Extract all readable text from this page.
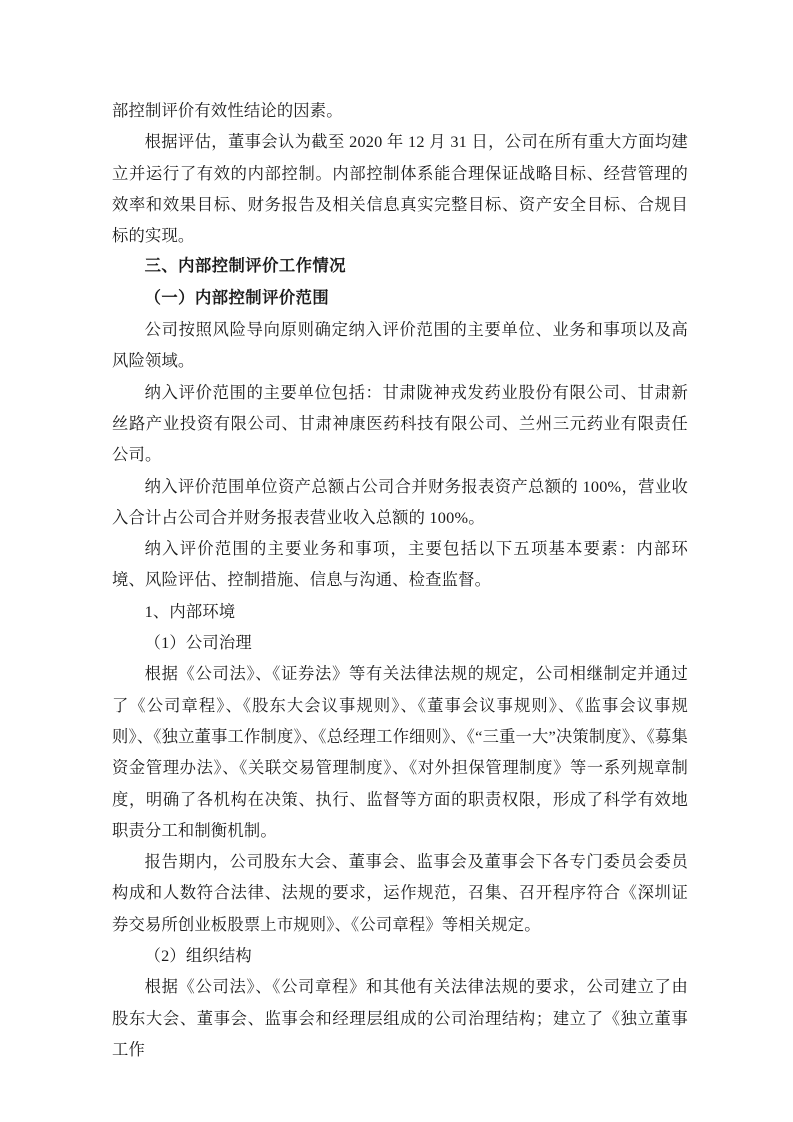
部控制评价有效性结论的因素。

根据评估，董事会认为截至 2020 年 12 月 31 日，公司在所有重大方面均建立并运行了有效的内部控制。内部控制体系能合理保证战略目标、经营管理的效率和效果目标、财务报告及相关信息真实完整目标、资产安全目标、合规目标的实现。

三、内部控制评价工作情况

（一）内部控制评价范围

公司按照风险导向原则确定纳入评价范围的主要单位、业务和事项以及高风险领域。

纳入评价范围的主要单位包括：甘肃陇神戎发药业股份有限公司、甘肃新丝路产业投资有限公司、甘肃神康医药科技有限公司、兰州三元药业有限责任公司。

纳入评价范围单位资产总额占公司合并财务报表资产总额的 100%，营业收入合计占公司合并财务报表营业收入总额的 100%。

纳入评价范围的主要业务和事项，主要包括以下五项基本要素：内部环境、风险评估、控制措施、信息与沟通、检查监督。

1、内部环境

（1）公司治理

根据《公司法》、《证券法》等有关法律法规的规定，公司相继制定并通过了《公司章程》、《股东大会议事规则》、《董事会议事规则》、《监事会议事规则》、《独立董事工作制度》、《总经理工作细则》、《“三重一大”决策制度》、《募集资金管理办法》、《关联交易管理制度》、《对外担保管理制度》等一系列规章制度，明确了各机构在决策、执行、监督等方面的职责权限，形成了科学有效地职责分工和制衡机制。

报告期内，公司股东大会、董事会、监事会及董事会下各专门委员会委员构成和人数符合法律、法规的要求，运作规范，召集、召开程序符合《深圳证券交易所创业板股票上市规则》、《公司章程》等相关规定。

（2）组织结构

根据《公司法》、《公司章程》和其他有关法律法规的要求，公司建立了由股东大会、董事会、监事会和经理层组成的公司治理结构；建立了《独立董事工作
